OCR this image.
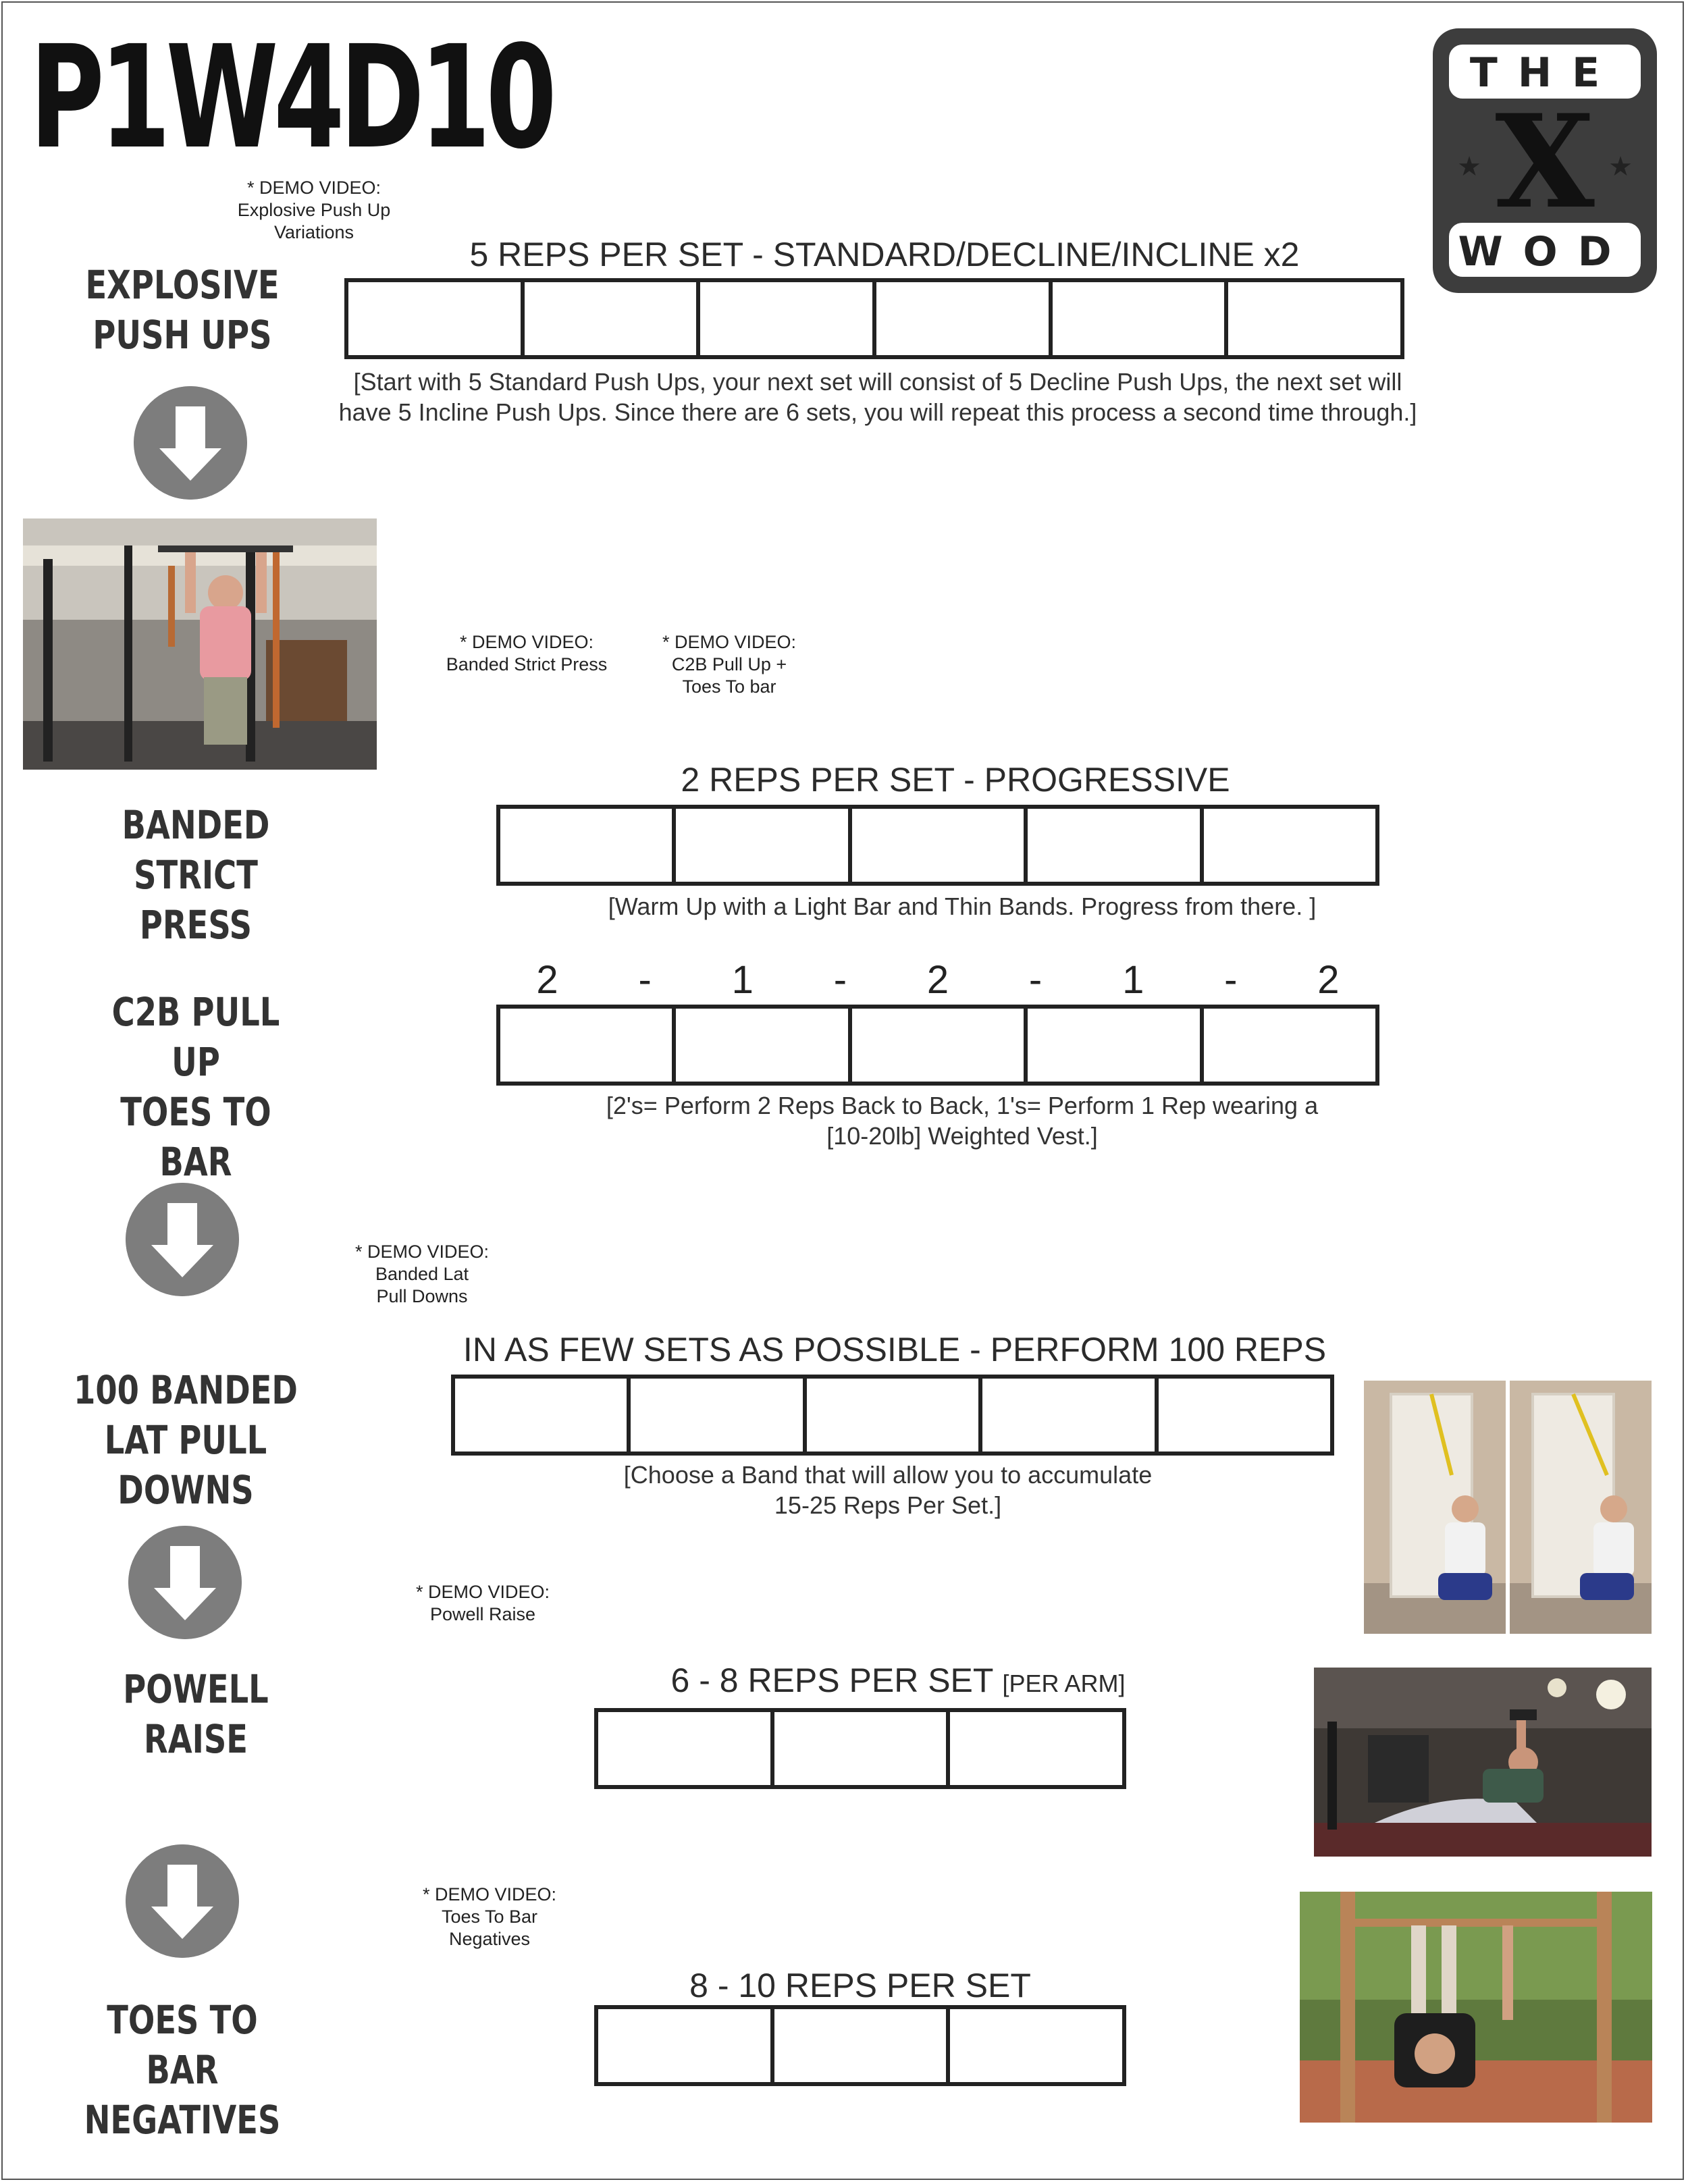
P1W4D10	THE
WOD
X
★	★
EXPLOSIVE
PUSH UPS
BANDED STRICT
PRESS
C2B PULL UP
TOES TO BAR
100 BANDED
LAT PULL DOWNS
POWELL
RAISE
TOES TO BAR
NEGATIVES
* DEMO VIDEO:
Explosive Push Up
Variations
* DEMO VIDEO:
Banded Strict Press
* DEMO VIDEO:
C2B Pull Up +
Toes To bar
* DEMO VIDEO:
Banded Lat
Pull Downs
* DEMO VIDEO:
Powell Raise
* DEMO VIDEO:
Toes To Bar
Negatives
5 REPS PER SET - STANDARD/DECLINE/INCLINE x2
[Start with 5 Standard Push Ups, your next set will consist of 5 Decline Push Ups, the next set will have 5 Incline Push Ups. Since there are 6 sets, you will repeat this process a second time through.]
2 REPS PER SET - PROGRESSIVE
[Warm Up with a Light Bar and Thin Bands. Progress from there. ]
2 - 1 - 2 - 1 - 2
[2's= Perform 2 Reps Back to Back, 1's= Perform 1 Rep wearing a
[10-20lb] Weighted Vest.]
IN AS FEW SETS AS POSSIBLE - PERFORM 100 REPS
[Choose a Band that will allow you to accumulate
15-25 Reps Per Set.]
6 - 8 REPS PER SET [PER ARM]
8 - 10 REPS PER SET
